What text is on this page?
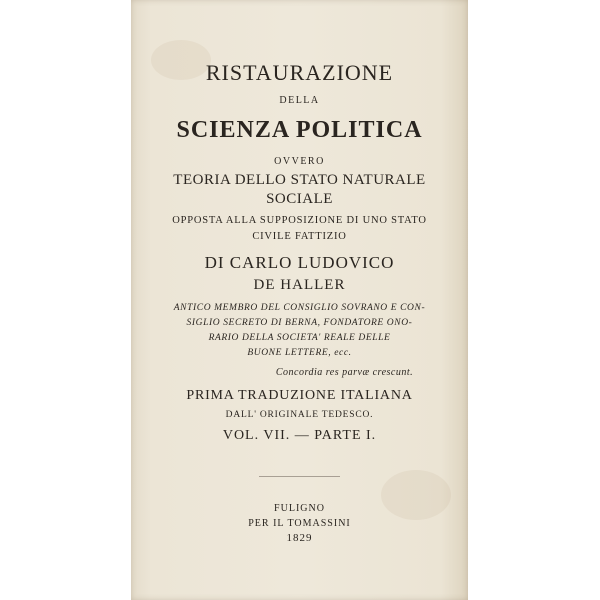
RISTAURAZIONE
DELLA
SCIENZA POLITICA
OVVERO
TEORIA DELLO STATO NATURALE
SOCIALE
OPPOSTA ALLA SUPPOSIZIONE DI UNO STATO
CIVILE FATTIZIO
DI CARLO LUDOVICO
DE HALLER
ANTICO MEMBRO DEL CONSIGLIO SOVRANO E CON-
SIGLIO SECRETO DI BERNA, FONDATORE ONO-
RARIO DELLA SOCIETA' REALE DELLE
BUONE LETTERE, ecc.
Concordia res parvæ crescunt.
PRIMA TRADUZIONE ITALIANA
DALL' ORIGINALE TEDESCO.
VOL. VII. — PARTE I.
FULIGNO
PER IL TOMASSINI
1829
